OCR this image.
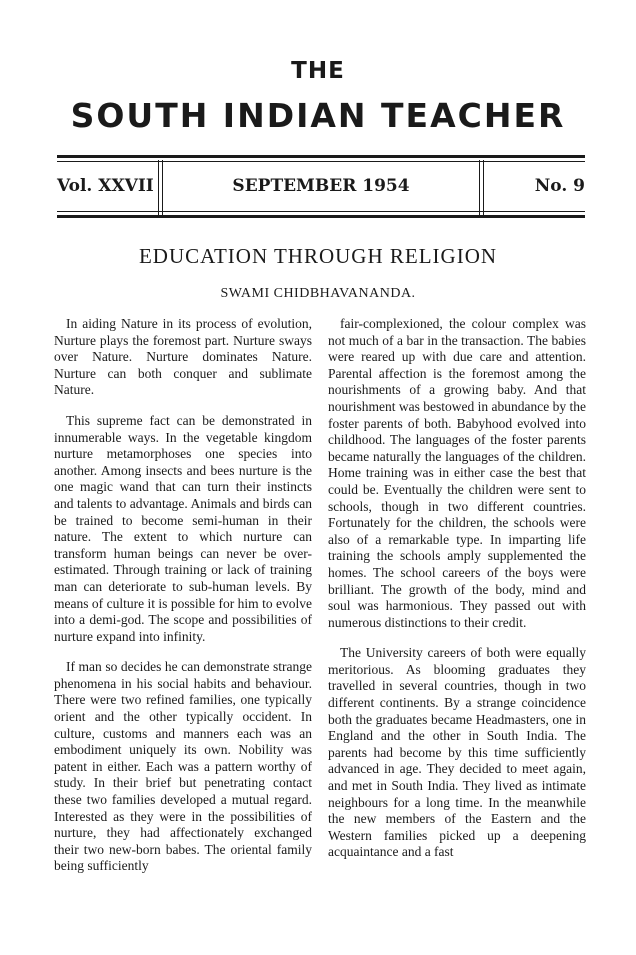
THE
SOUTH INDIAN TEACHER
Vol. XXVII	SEPTEMBER 1954	No. 9
EDUCATION THROUGH RELIGION
SWAMI CHIDBHAVANANDA.

In aiding Nature in its process of evolution, Nurture plays the foremost part. Nurture sways over Nature. Nurture dominates Nature. Nurture can both conquer and sublimate Nature.

This supreme fact can be demonstrated in innumerable ways. In the vegetable kingdom nurture metamorphoses one species into another. Among insects and bees nurture is the one magic wand that can turn their instincts and talents to advantage. Animals and birds can be trained to become semi-human in their nature. The extent to which nurture can transform human beings can never be over-estimated. Through training or lack of training man can deteriorate to sub-human levels. By means of culture it is possible for him to evolve into a demi-god. The scope and possibilities of nurture expand into infinity.

If man so decides he can demonstrate strange phenomena in his social habits and behaviour. There were two refined families, one typically orient and the other typically occident. In culture, customs and manners each was an embodiment uniquely its own. Nobility was patent in either. Each was a pattern worthy of study. In their brief but penetrating contact these two families developed a mutual regard. Interested as they were in the possibilities of nurture, they had affectionately exchanged their two new-born babes. The oriental family being sufficiently

fair-complexioned, the colour complex was not much of a bar in the transaction. The babies were reared up with due care and attention. Parental affection is the foremost among the nourishments of a growing baby. And that nourishment was bestowed in abundance by the foster parents of both. Babyhood evolved into childhood. The languages of the foster parents became naturally the languages of the children. Home training was in either case the best that could be. Eventually the children were sent to schools, though in two different countries. Fortunately for the children, the schools were also of a remarkable type. In imparting life training the schools amply supplemented the homes. The school careers of the boys were brilliant. The growth of the body, mind and soul was harmonious. They passed out with numerous distinctions to their credit.

The University careers of both were equally meritorious. As blooming graduates they travelled in several countries, though in two different continents. By a strange coincidence both the graduates became Headmasters, one in England and the other in South India. The parents had become by this time sufficiently advanced in age. They decided to meet again, and met in South India. They lived as intimate neighbours for a long time. In the meanwhile the new members of the Eastern and the Western families picked up a deepening acquaintance and a fast
